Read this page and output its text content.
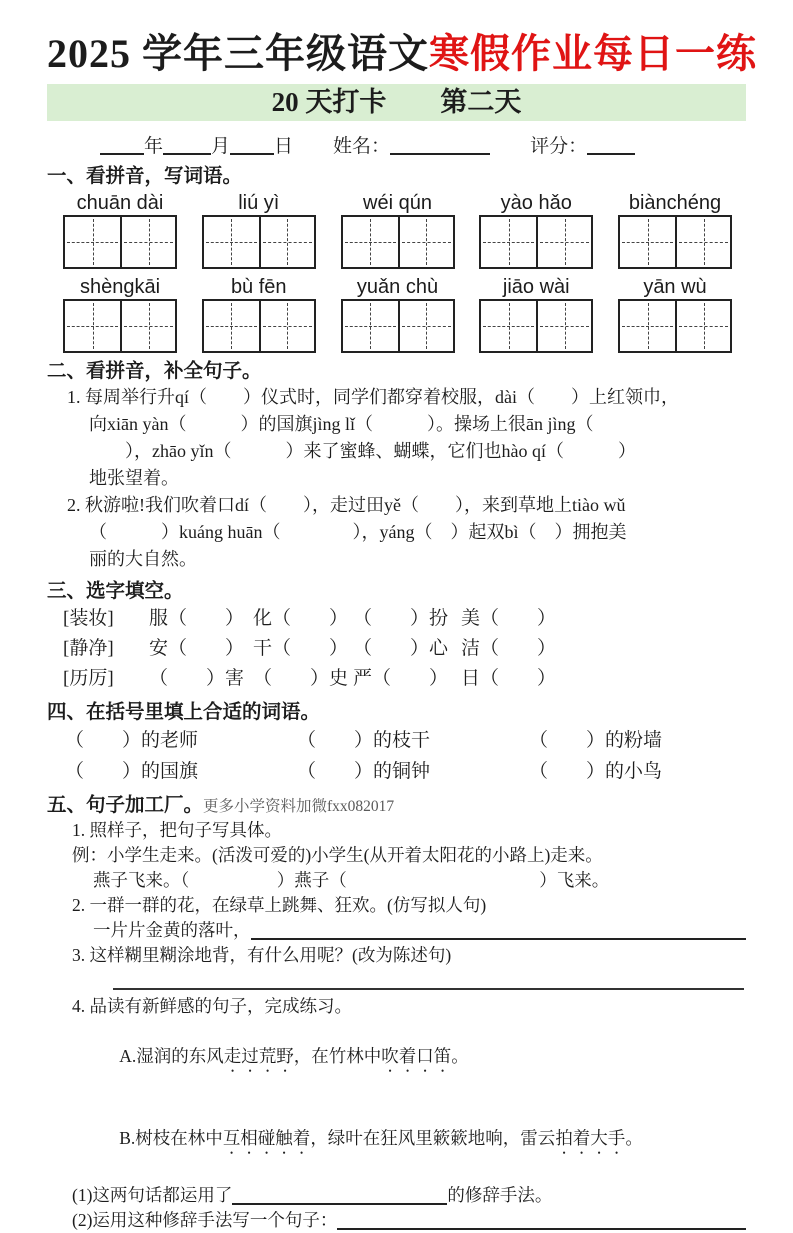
2025 学年三年级语文寒假作业每日一练
20 天打卡　　第二天
年	月 日 姓名：	评分：
一、看拼音，写词语。
chuān dài	liú yì	wéi qún	yào hǎo	biànchéng
shèngkāi	bù fēn	yuǎn chù	jiāo wài	yān wù
二、看拼音，补全句子。
1. 每周举行升qí（　　）仪式时，同学们都穿着校服，dài（　　）上红领巾，
向xiān yàn（　　　）的国旗jìng lǐ（　　　）。操场上很ān jìng（
　　），zhāo yǐn（　　　）来了蜜蜂、蝴蝶，它们也hào qí（　　　）
地张望着。
2. 秋游啦!我们吹着口dí（　　），走过田yě（　　），来到草地上tiào wǔ
（　　　）kuáng huān（　　　　），yáng（　）起双bì（　）拥抱美
丽的大自然。
三、选字填空。
[装妆]	服（　　） 化（　　） （　　）扮 美（　　）
[静净]	安（　　） 干（　　） （　　）心 洁（　　）
[历厉]	（　　）害 （　　）史 严（　　） 日（　　）
四、在括号里填上合适的词语。
（　　）的老师	（　　）的枝干	（　　）的粉墙
（　　）的国旗	（　　）的铜钟	（　　）的小鸟
五、句子加工厂。 更多小学资料加微fxx082017
1. 照样子，把句子写具体。
例：小学生走来。(活泼可爱的)小学生(从开着太阳花的小路上)走来。
燕子飞来。（　　　　　）燕子（　　　　　　　　　　　）飞来。
2. 一群一群的花，在绿草上跳舞、狂欢。(仿写拟人句)
一片片金黄的落叶，
3. 这样糊里糊涂地背，有什么用呢？(改为陈述句)
4. 品读有新鲜感的句子，完成练习。

A.湿润的东风走过荒野，在竹林中吹着口笛。

B.树枝在林中互相碰触着，绿叶在狂风里簌簌地响，雷云拍着大手。

(1)这两句话都运用了	的修辞手法。
(2)运用这种修辞手法写一个句子：
